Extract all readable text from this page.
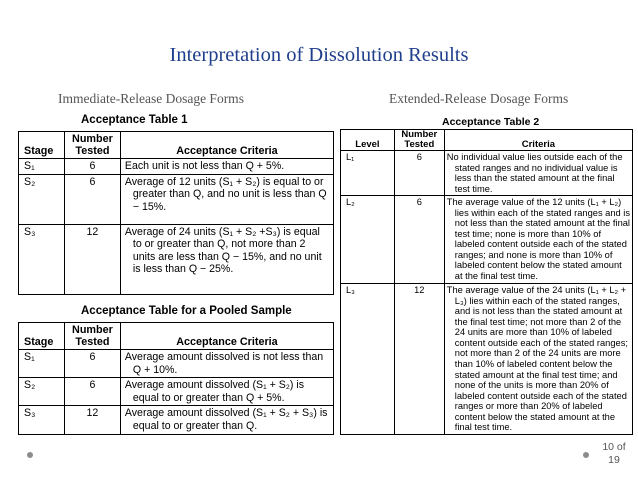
Interpretation of Dissolution Results
Immediate-Release Dosage Forms	Extended-Release Dosage Forms
Acceptance Table 1
Stage	Number Tested	Acceptance Criteria
S₁	6	Each unit is not less than Q + 5%.

S₂	6	Average of 12 units (S₁ + S₂) is equal to or greater than Q, and no unit is less than Q − 15%.

S₃	12	Average of 24 units (S₁ + S₂ +S₃) is equal to or greater than Q, not more than 2 units are less than Q − 15%, and no unit is less than Q − 25%.
Acceptance Table for a Pooled Sample
Stage	Number Tested	Acceptance Criteria
S₁	6	Average amount dissolved is not less than Q + 10%.

S₂	6	Average amount dissolved (S₁ + S₂) is equal to or greater than Q + 5%.

S₃	12	Average amount dissolved (S₁ + S₂ + S₃) is equal to or greater than Q.
Acceptance Table 2
Level	Number Tested	Criteria
L₁	6	No individual value lies outside each of the stated ranges and no individual value is less than the stated amount at the final test time.

L₂	6	The average value of the 12 units (L₁ + L₂) lies within each of the stated ranges and is not less than the stated amount at the final test time; none is more than 10% of labeled content outside each of the stated ranges; and none is more than 10% of labeled content below the stated amount at the final test time.

L₃	12	The average value of the 24 units (L₁ + L₂ + L₃) lies within each of the stated ranges, and is not less than the stated amount at the final test time; not more than 2 of the 24 units are more than 10% of labeled content outside each of the stated ranges; not more than 2 of the 24 units are more than 10% of labeled content below the stated amount at the final test time; and none of the units is more than 20% of labeled content outside each of the stated ranges or more than 20% of labeled content below the stated amount at the final test time.
10 of
19
